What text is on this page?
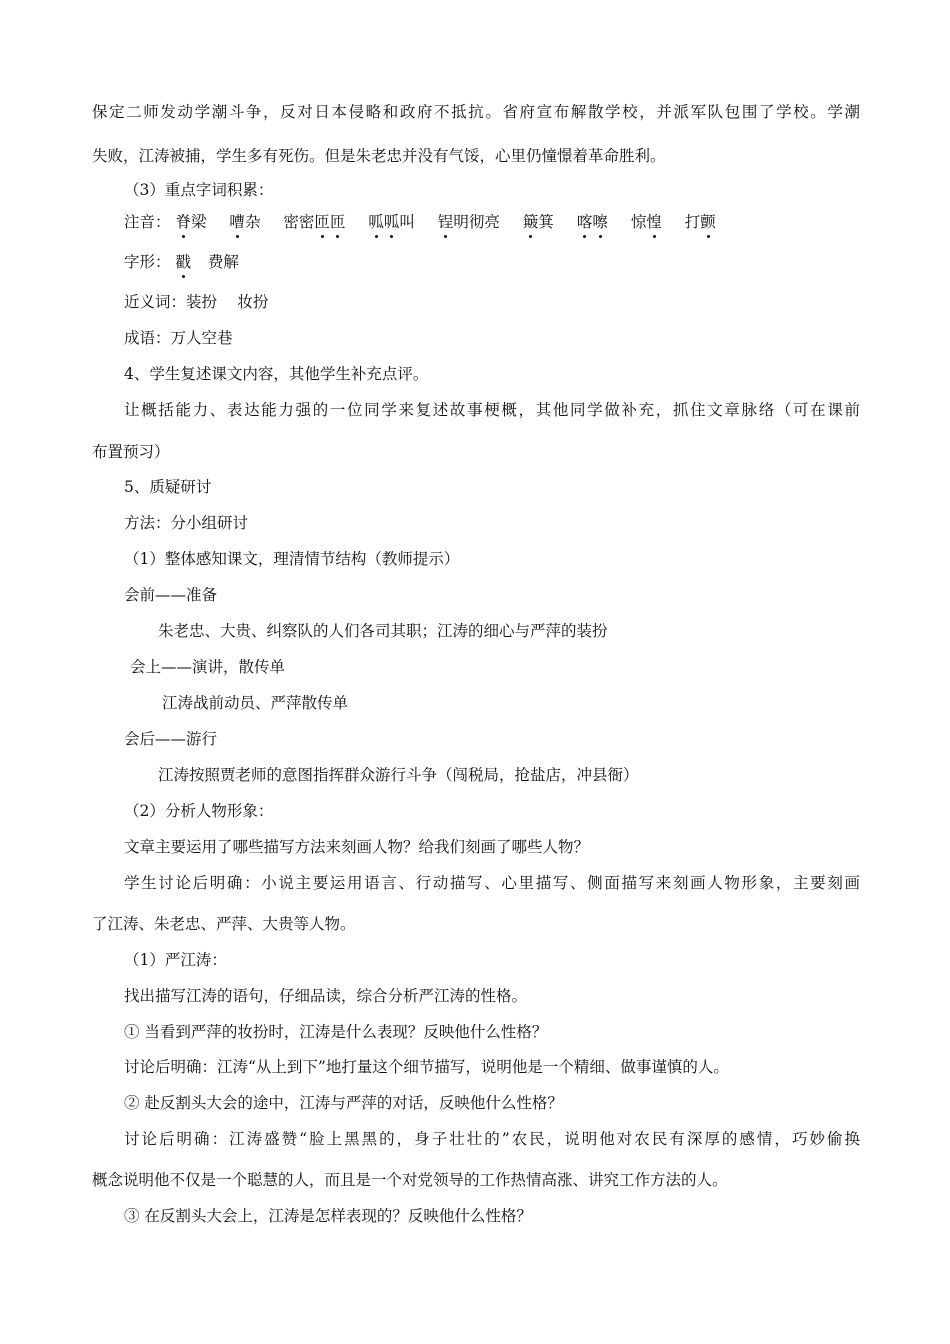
保定二师发动学潮斗争，反对日本侵略和政府不抵抗。省府宣布解散学校，并派军队包围了学校。学潮
失败，江涛被捕，学生多有死伤。但是朱老忠并没有气馁，心里仍憧憬着革命胜利。
（3）重点字词积累：
注音： 脊梁 嘈杂 密密匝匝 呱呱叫 锃明彻亮 簸箕 喀嚓 惊惶 打颤
字形： 戳 费解
近义词：装扮　 妆扮
成语：万人空巷
4、学生复述课文内容，其他学生补充点评。
让概括能力、表达能力强的一位同学来复述故事梗概，其他同学做补充，抓住文章脉络（可在课前
布置预习）
5、质疑研讨
方法：分小组研讨
（1）整体感知课文，理清情节结构（教师提示）
会前——准备
朱老忠、大贵、纠察队的人们各司其职；江涛的细心与严萍的装扮
会上——演讲，散传单
江涛战前动员、严萍散传单
会后——游行
江涛按照贾老师的意图指挥群众游行斗争（闯税局，抢盐店，冲县衙）
（2）分析人物形象：
文章主要运用了哪些描写方法来刻画人物？给我们刻画了哪些人物？
学生讨论后明确：小说主要运用语言、行动描写、心里描写、侧面描写来刻画人物形象，主要刻画
了江涛、朱老忠、严萍、大贵等人物。
（1）严江涛：
找出描写江涛的语句，仔细品读，综合分析严江涛的性格。
① 当看到严萍的妆扮时，江涛是什么表现？反映他什么性格？
讨论后明确：江涛“从上到下”地打量这个细节描写，说明他是一个精细、做事谨慎的人。
② 赴反割头大会的途中，江涛与严萍的对话，反映他什么性格？
讨论后明确：江涛盛赞“脸上黑黑的，身子壮壮的”农民，说明他对农民有深厚的感情，巧妙偷换
概念说明他不仅是一个聪慧的人，而且是一个对党领导的工作热情高涨、讲究工作方法的人。
③ 在反割头大会上，江涛是怎样表现的？反映他什么性格？
